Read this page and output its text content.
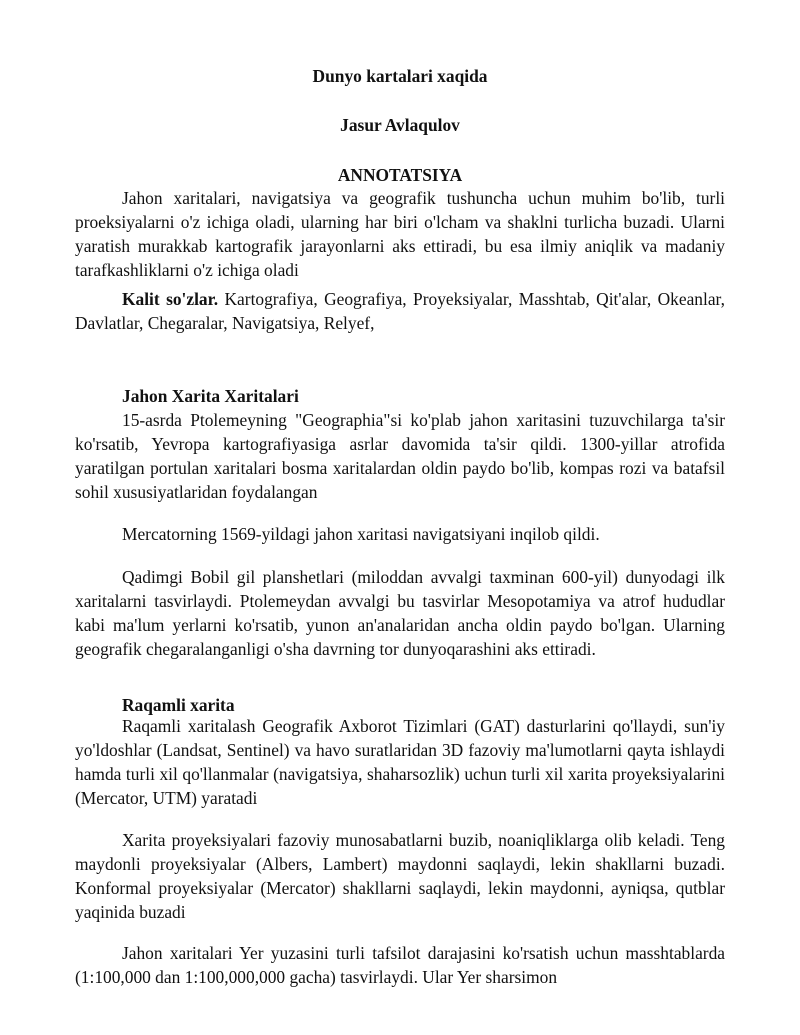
Dunyo kartalari xaqida
Jasur Avlaqulov
ANNOTATSIYA

Jahon xaritalari, navigatsiya va geografik tushuncha uchun muhim bo'lib, turli proeksiyalarni o'z ichiga oladi, ularning har biri o'lcham va shaklni turlicha buzadi. Ularni yaratish murakkab kartografik jarayonlarni aks ettiradi, bu esa ilmiy aniqlik va madaniy tarafkashliklarni o'z ichiga oladi

Kalit so'zlar. Kartografiya, Geografiya, Proyeksiyalar, Masshtab, Qit'alar, Okeanlar, Davlatlar, Chegaralar, Navigatsiya, Relyef,

Jahon Xarita Xaritalari

15-asrda Ptolemeyning "Geographia"si ko'plab jahon xaritasini tuzuvchilarga ta'sir ko'rsatib, Yevropa kartografiyasiga asrlar davomida ta'sir qildi. 1300-yillar atrofida yaratilgan portulan xaritalari bosma xaritalardan oldin paydo bo'lib, kompas rozi va batafsil sohil xususiyatlaridan foydalangan

Mercatorning 1569-yildagi jahon xaritasi navigatsiyani inqilob qildi.

Qadimgi Bobil gil planshetlari (miloddan avvalgi taxminan 600-yil) dunyodagi ilk xaritalarni tasvirlaydi. Ptolemeydan avvalgi bu tasvirlar Mesopotamiya va atrof hududlar kabi ma'lum yerlarni ko'rsatib, yunon an'analaridan ancha oldin paydo bo'lgan. Ularning geografik chegaralanganligi o'sha davrning tor dunyoqarashini aks ettiradi.

Raqamli xarita

Raqamli xaritalash Geografik Axborot Tizimlari (GAT) dasturlarini qo'llaydi, sun'iy yo'ldoshlar (Landsat, Sentinel) va havo suratlaridan 3D fazoviy ma'lumotlarni qayta ishlaydi hamda turli xil qo'llanmalar (navigatsiya, shaharsozlik) uchun turli xil xarita proyeksiyalarini (Mercator, UTM) yaratadi

Xarita proyeksiyalari fazoviy munosabatlarni buzib, noaniqliklarga olib keladi. Teng maydonli proyeksiyalar (Albers, Lambert) maydonni saqlaydi, lekin shakllarni buzadi. Konformal proyeksiyalar (Mercator) shakllarni saqlaydi, lekin maydonni, ayniqsa, qutblar yaqinida buzadi

Jahon xaritalari Yer yuzasini turli tafsilot darajasini ko'rsatish uchun masshtablarda (1:100,000 dan 1:100,000,000 gacha) tasvirlaydi. Ular Yer sharsimon
